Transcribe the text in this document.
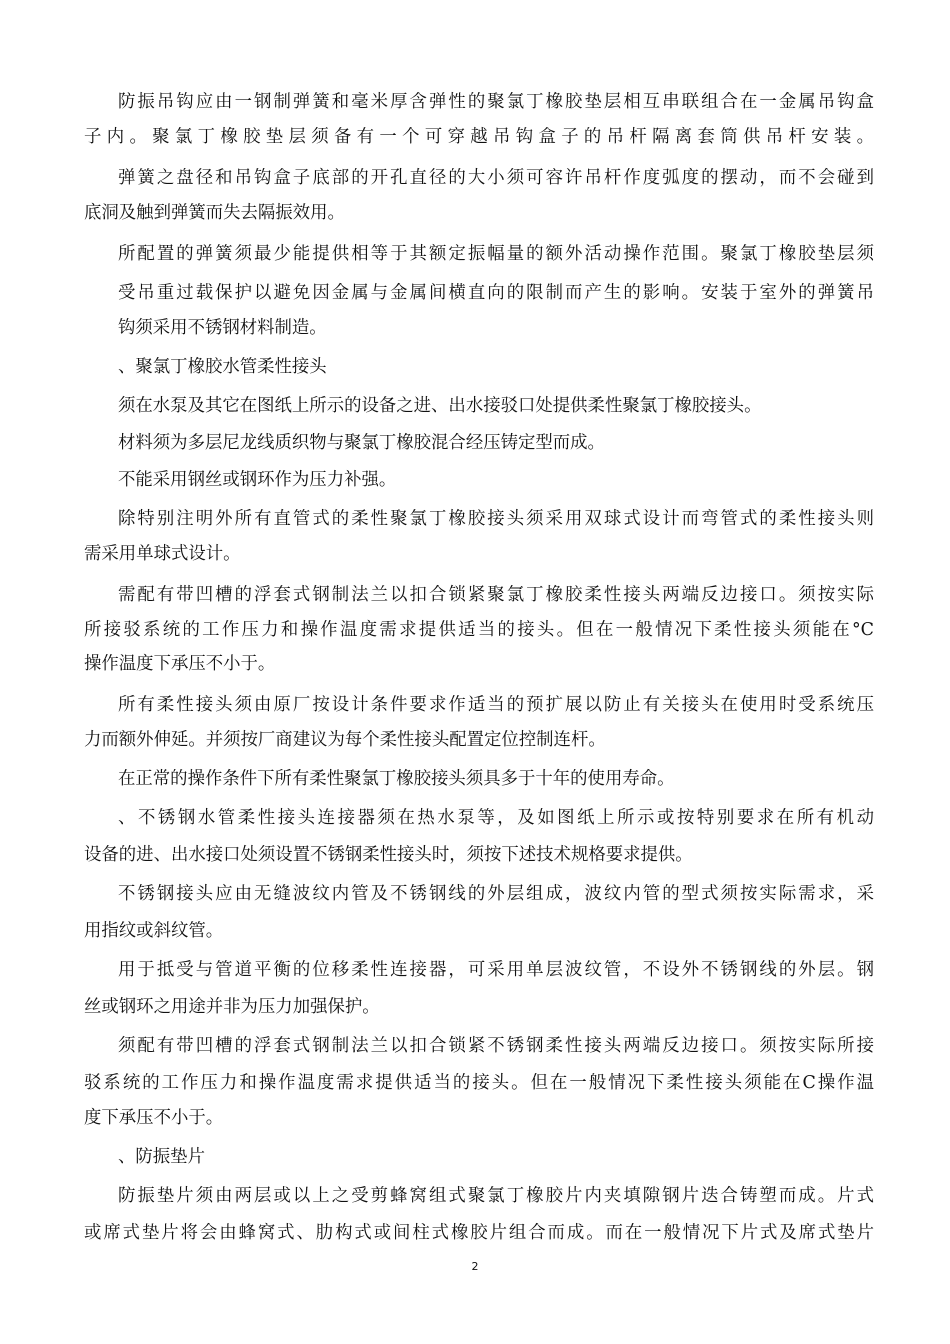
防振吊钩应由一钢制弹簧和毫米厚含弹性的聚氯丁橡胶垫层相互串联组合在一金属吊钩盒
子内。聚氯丁橡胶垫层须备有一个可穿越吊钩盒子的吊杆隔离套筒供吊杆安装。
弹簧之盘径和吊钩盒子底部的开孔直径的大小须可容许吊杆作度弧度的摆动，而不会碰到
底洞及触到弹簧而失去隔振效用。
所配置的弹簧须最少能提供相等于其额定振幅量的额外活动操作范围。聚氯丁橡胶垫层须
受吊重过载保护以避免因金属与金属间横直向的限制而产生的影响。安装于室外的弹簧吊
钩须采用不锈钢材料制造。
、聚氯丁橡胶水管柔性接头
须在水泵及其它在图纸上所示的设备之进、出水接驳口处提供柔性聚氯丁橡胶接头。
材料须为多层尼龙线质织物与聚氯丁橡胶混合经压铸定型而成。
不能采用钢丝或钢环作为压力补强。
除特别注明外所有直管式的柔性聚氯丁橡胶接头须采用双球式设计而弯管式的柔性接头则
需采用单球式设计。
需配有带凹槽的浮套式钢制法兰以扣合锁紧聚氯丁橡胶柔性接头两端反边接口。须按实际
所接驳系统的工作压力和操作温度需求提供适当的接头。但在一般情况下柔性接头须能在°C
操作温度下承压不小于。
所有柔性接头须由原厂按设计条件要求作适当的预扩展以防止有关接头在使用时受系统压
力而额外伸延。并须按厂商建议为每个柔性接头配置定位控制连杆。
在正常的操作条件下所有柔性聚氯丁橡胶接头须具多于十年的使用寿命。
、不锈钢水管柔性接头连接器须在热水泵等，及如图纸上所示或按特别要求在所有机动
设备的进、出水接口处须设置不锈钢柔性接头时，须按下述技术规格要求提供。
不锈钢接头应由无缝波纹内管及不锈钢线的外层组成，波纹内管的型式须按实际需求，采
用指纹或斜纹管。
用于抵受与管道平衡的位移柔性连接器，可采用单层波纹管，不设外不锈钢线的外层。钢
丝或钢环之用途并非为压力加强保护。
须配有带凹槽的浮套式钢制法兰以扣合锁紧不锈钢柔性接头两端反边接口。须按实际所接
驳系统的工作压力和操作温度需求提供适当的接头。但在一般情况下柔性接头须能在C操作温
度下承压不小于。
、防振垫片
防振垫片须由两层或以上之受剪蜂窝组式聚氯丁橡胶片内夹填隙钢片迭合铸塑而成。片式
或席式垫片将会由蜂窝式、肋构式或间柱式橡胶片组合而成。而在一般情况下片式及席式垫片
2
